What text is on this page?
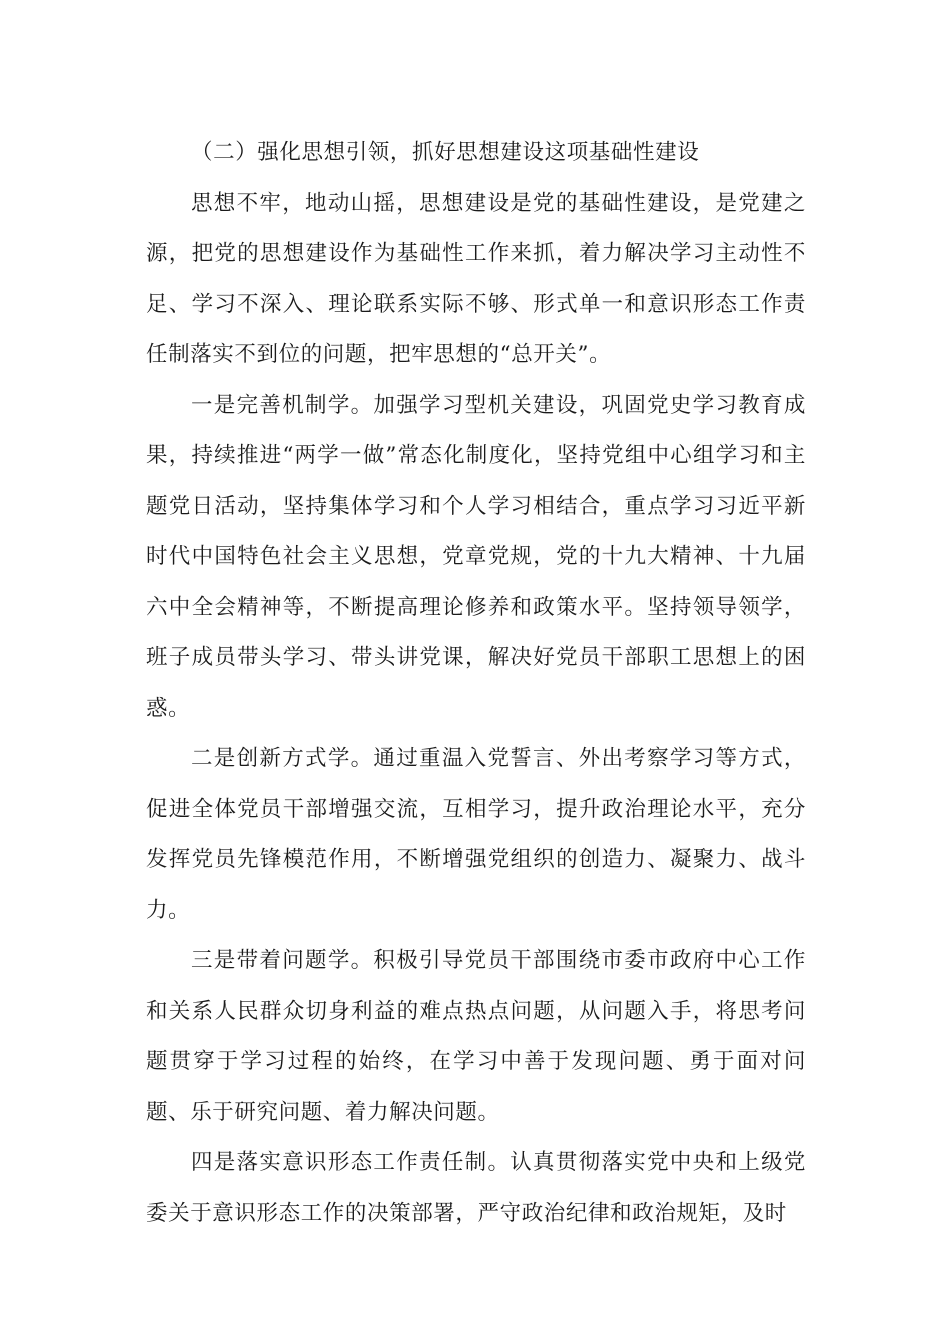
（二）强化思想引领，抓好思想建设这项基础性建设

思想不牢，地动山摇，思想建设是党的基础性建设，是党建之源，把党的思想建设作为基础性工作来抓，着力解决学习主动性不足、学习不深入、理论联系实际不够、形式单一和意识形态工作责任制落实不到位的问题，把牢思想的“总开关”。

一是完善机制学。加强学习型机关建设，巩固党史学习教育成果，持续推进“两学一做”常态化制度化，坚持党组中心组学习和主题党日活动，坚持集体学习和个人学习相结合，重点学习习近平新时代中国特色社会主义思想，党章党规，党的十九大精神、十九届六中全会精神等，不断提高理论修养和政策水平。坚持领导领学，班子成员带头学习、带头讲党课，解决好党员干部职工思想上的困惑。

二是创新方式学。通过重温入党誓言、外出考察学习等方式，促进全体党员干部增强交流，互相学习，提升政治理论水平，充分发挥党员先锋模范作用，不断增强党组织的创造力、凝聚力、战斗力。

三是带着问题学。积极引导党员干部围绕市委市政府中心工作和关系人民群众切身利益的难点热点问题，从问题入手，将思考问题贯穿于学习过程的始终，在学习中善于发现问题、勇于面对问题、乐于研究问题、着力解决问题。

四是落实意识形态工作责任制。认真贯彻落实党中央和上级党委关于意识形态工作的决策部署，严守政治纪律和政治规矩，及时
